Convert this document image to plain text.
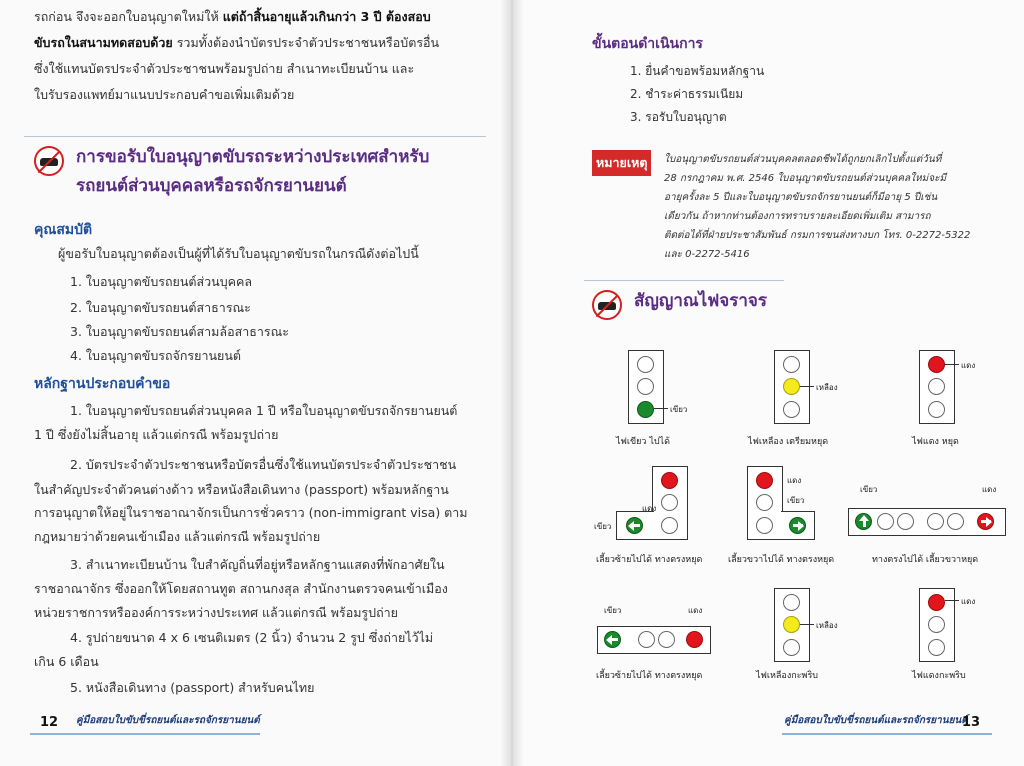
รถก่อน จึงจะออกใบอนุญาตใหม่ให้ แต่ถ้าสิ้นอายุแล้วเกินกว่า 3 ปี ต้องสอบ
ขับรถในสนามทดสอบด้วย รวมทั้งต้องนำบัตรประจำตัวประชาชนหรือบัตรอื่น
ซึ่งใช้แทนบัตรประจำตัวประชาชนพร้อมรูปถ่าย สำเนาทะเบียนบ้าน และ
ใบรับรองแพทย์มาแนบประกอบคำขอเพิ่มเติมด้วย
การขอรับใบอนุญาตขับรถระหว่างประเทศสำหรับ
รถยนต์ส่วนบุคคลหรือรถจักรยานยนต์
คุณสมบัติ
ผู้ขอรับใบอนุญาตต้องเป็นผู้ที่ได้รับใบอนุญาตขับรถในกรณีดังต่อไปนี้
1. ใบอนุญาตขับรถยนต์ส่วนบุคคล
2. ใบอนุญาตขับรถยนต์สาธารณะ
3. ใบอนุญาตขับรถยนต์สามล้อสาธารณะ
4. ใบอนุญาตขับรถจักรยานยนต์
หลักฐานประกอบคำขอ
1. ใบอนุญาตขับรถยนต์ส่วนบุคคล 1 ปี หรือใบอนุญาตขับรถจักรยานยนต์
1 ปี ซึ่งยังไม่สิ้นอายุ แล้วแต่กรณี พร้อมรูปถ่าย
2. บัตรประจำตัวประชาชนหรือบัตรอื่นซึ่งใช้แทนบัตรประจำตัวประชาชน
ในสำคัญประจำตัวคนต่างด้าว หรือหนังสือเดินทาง (passport) พร้อมหลักฐาน
การอนุญาตให้อยู่ในราชอาณาจักรเป็นการชั่วคราว (non-immigrant visa) ตาม
กฎหมายว่าด้วยคนเข้าเมือง แล้วแต่กรณี พร้อมรูปถ่าย
3. สำเนาทะเบียนบ้าน ใบสำคัญถิ่นที่อยู่หรือหลักฐานแสดงที่พักอาศัยใน
ราชอาณาจักร ซึ่งออกให้โดยสถานทูต สถานกงสุล สำนักงานตรวจคนเข้าเมือง
หน่วยราชการหรือองค์การระหว่างประเทศ แล้วแต่กรณี พร้อมรูปถ่าย
4. รูปถ่ายขนาด 4 x 6 เซนติเมตร (2 นิ้ว) จำนวน 2 รูป ซึ่งถ่ายไว้ไม่
เกิน 6 เดือน
5. หนังสือเดินทาง (passport) สำหรับคนไทย
12 คู่มือสอบใบขับขี่รถยนต์และรถจักรยานยนต์
ขั้นตอนดำเนินการ
1. ยื่นคำขอพร้อมหลักฐาน
2. ชำระค่าธรรมเนียม
3. รอรับใบอนุญาต
หมายเหตุ	ใบอนุญาตขับรถยนต์ส่วนบุคคลตลอดชีพได้ถูกยกเลิกไปตั้งแต่วันที่
28 กรกฎาคม พ.ศ. 2546 ใบอนุญาตขับรถยนต์ส่วนบุคคลใหม่จะมี
อายุครั้งละ 5 ปีและใบอนุญาตขับรถจักรยานยนต์ก็มีอายุ 5 ปีเช่น
เดียวกัน ถ้าหากท่านต้องการทราบรายละเอียดเพิ่มเติม สามารถ
ติดต่อได้ที่ฝ่ายประชาสัมพันธ์ กรมการขนส่งทางบก โทร. 0-2272-5322
และ 0-2272-5416
สัญญาณไฟจราจร
เขียว
ไฟเขียว ไปได้
เหลือง
ไฟเหลือง เตรียมหยุด
แดง
ไฟแดง หยุด
แดง
เขียว
เลี้ยวซ้ายไปได้ ทางตรงหยุด
แดง
เขียว
เลี้ยวขวาไปได้ ทางตรงหยุด
เขียว	แดง
ทางตรงไปได้ เลี้ยวขวาหยุด
เขียว	แดง
เลี้ยวซ้ายไปได้ ทางตรงหยุด
เหลือง
ไฟเหลืองกะพริบ
แดง
ไฟแดงกะพริบ
คู่มือสอบใบขับขี่รถยนต์และรถจักรยานยนต์
13
